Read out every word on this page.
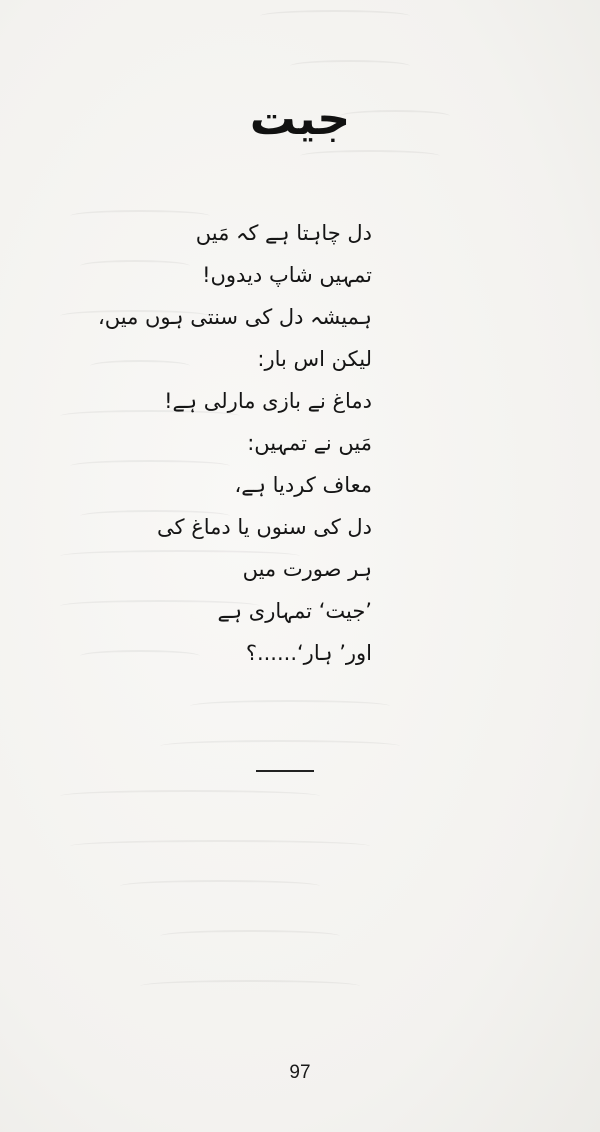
جیت
دل چاہتا ہے کہ مَیں
تمہیں شاپ دیدوں!
ہمیشہ دل کی سنتی ہوں میں،
لیکن اس بار:
دماغ نے بازی مارلی ہے!
مَیں نے تمہیں:
معاف کردیا ہے،
دل کی سنوں یا دماغ کی
ہر صورت میں
’جیت‘ تمہاری ہے
اور’ ہار‘......؟
97
